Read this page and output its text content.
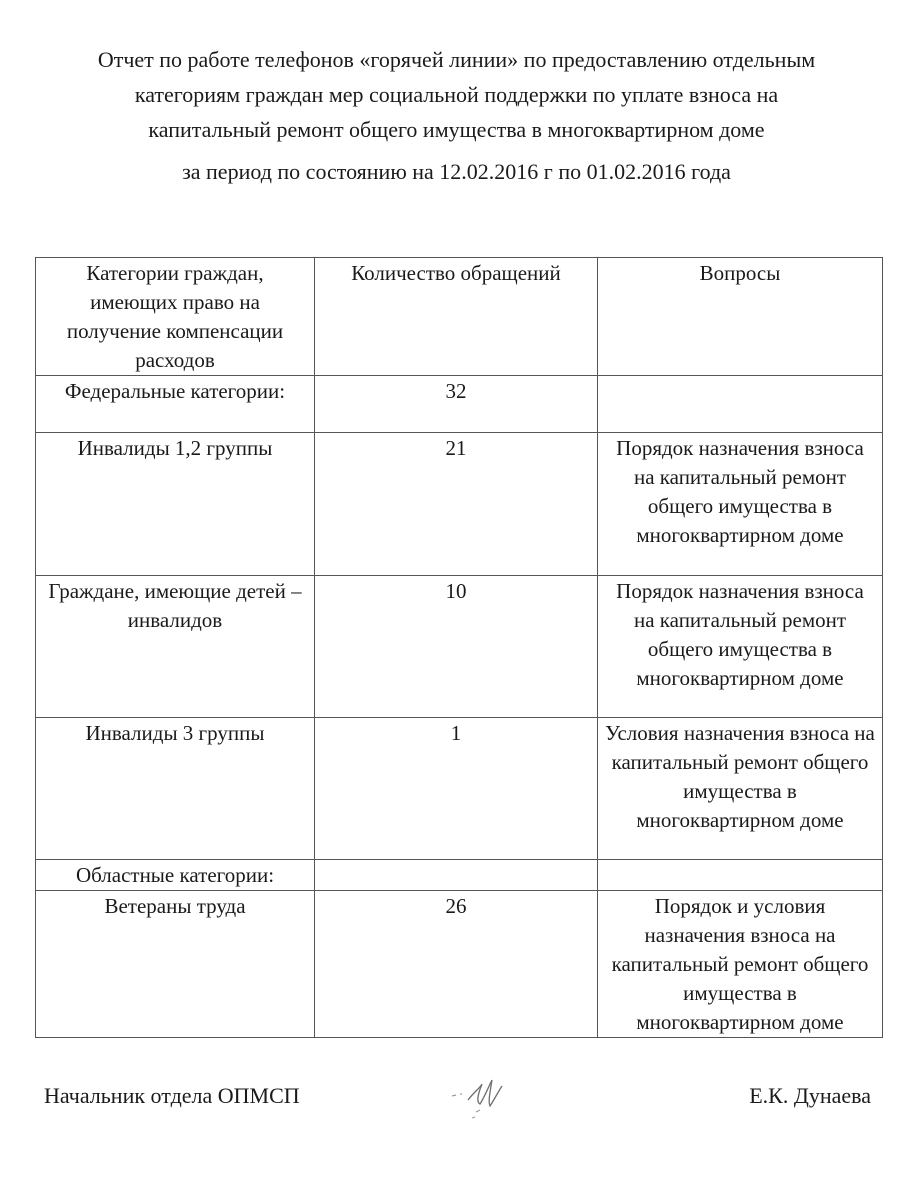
Отчет по работе телефонов «горячей линии» по предоставлению отдельным
категориям граждан мер социальной поддержки по уплате взноса на
капитальный ремонт общего имущества в многоквартирном доме
за период по состоянию на 12.02.2016 г по 01.02.2016 года
Категории граждан, имеющих право на получение компенсации расходов	Количество обращений	Вопросы
Федеральные категории:	32	
Инвалиды 1,2 группы	21	Порядок назначения взноса на капитальный ремонт общего имущества в многоквартирном доме
Граждане, имеющие детей – инвалидов	10	Порядок назначения взноса на капитальный ремонт общего имущества в многоквартирном доме
Инвалиды 3 группы	1	Условия назначения взноса на капитальный ремонт общего имущества в многоквартирном доме
Областные категории:		
Ветераны труда	26	Порядок и условия назначения взноса на капитальный ремонт общего имущества в многоквартирном доме
Начальник отдела ОПМСП	Е.К. Дунаева
